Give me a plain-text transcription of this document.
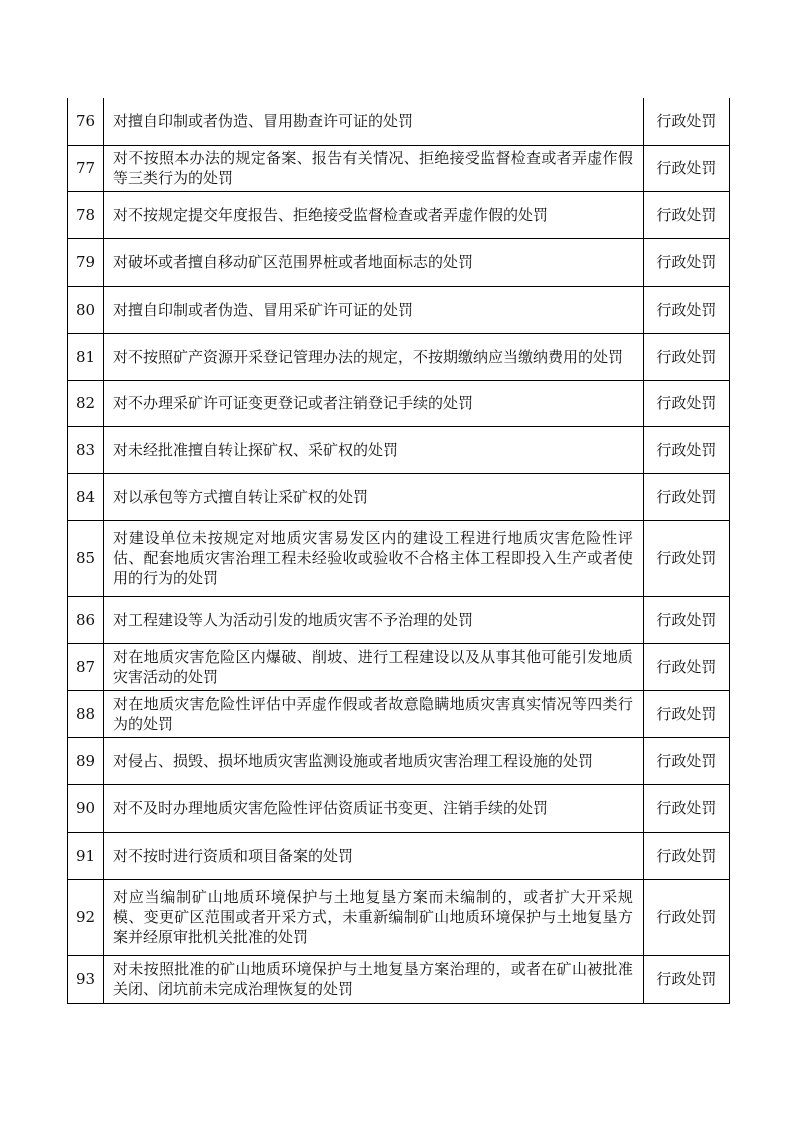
76	对擅自印制或者伪造、冒用勘查许可证的处罚	行政处罚
77	对不按照本办法的规定备案、报告有关情况、拒绝接受监督检查或者弄虚作假等三类行为的处罚	行政处罚
78	对不按规定提交年度报告、拒绝接受监督检查或者弄虚作假的处罚	行政处罚
79	对破坏或者擅自移动矿区范围界桩或者地面标志的处罚	行政处罚
80	对擅自印制或者伪造、冒用采矿许可证的处罚	行政处罚
81	对不按照矿产资源开采登记管理办法的规定，不按期缴纳应当缴纳费用的处罚	行政处罚
82	对不办理采矿许可证变更登记或者注销登记手续的处罚	行政处罚
83	对未经批准擅自转让探矿权、采矿权的处罚	行政处罚
84	对以承包等方式擅自转让采矿权的处罚	行政处罚
85	对建设单位未按规定对地质灾害易发区内的建设工程进行地质灾害危险性评估、配套地质灾害治理工程未经验收或验收不合格主体工程即投入生产或者使用的行为的处罚	行政处罚
86	对工程建设等人为活动引发的地质灾害不予治理的处罚	行政处罚
87	对在地质灾害危险区内爆破、削坡、进行工程建设以及从事其他可能引发地质灾害活动的处罚	行政处罚
88	对在地质灾害危险性评估中弄虚作假或者故意隐瞒地质灾害真实情况等四类行为的处罚	行政处罚
89	对侵占、损毁、损坏地质灾害监测设施或者地质灾害治理工程设施的处罚	行政处罚
90	对不及时办理地质灾害危险性评估资质证书变更、注销手续的处罚	行政处罚
91	对不按时进行资质和项目备案的处罚	行政处罚
92	对应当编制矿山地质环境保护与土地复垦方案而未编制的，或者扩大开采规模、变更矿区范围或者开采方式，未重新编制矿山地质环境保护与土地复垦方案并经原审批机关批准的处罚	行政处罚
93	对未按照批准的矿山地质环境保护与土地复垦方案治理的，或者在矿山被批准关闭、闭坑前未完成治理恢复的处罚	行政处罚
